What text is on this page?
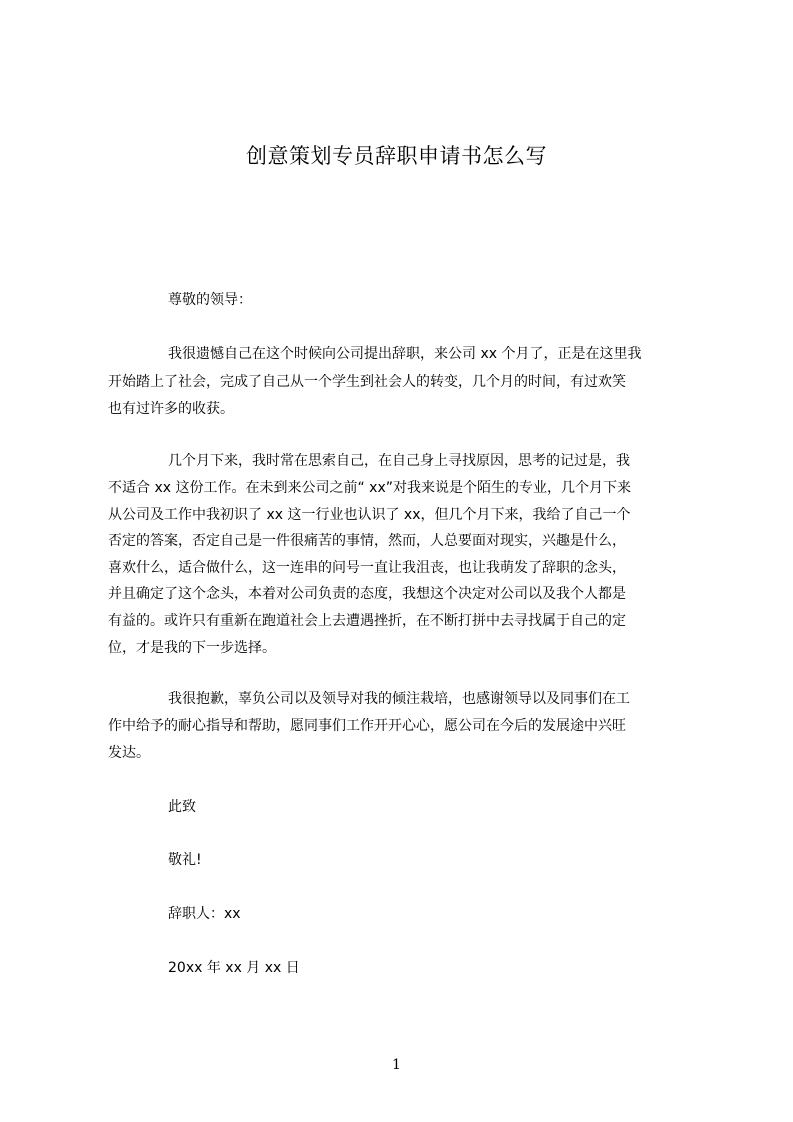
创意策划专员辞职申请书怎么写
尊敬的领导：
我很遗憾自己在这个时候向公司提出辞职，来公司 xx 个月了，正是在这里我
开始踏上了社会，完成了自己从一个学生到社会人的转变，几个月的时间，有过欢笑
也有过许多的收获。
几个月下来，我时常在思索自己，在自己身上寻找原因，思考的记过是，我
不适合 xx 这份工作。在未到来公司之前“ xx”对我来说是个陌生的专业，几个月下来
从公司及工作中我初识了 xx 这一行业也认识了 xx，但几个月下来，我给了自己一个
否定的答案，否定自己是一件很痛苦的事情，然而，人总要面对现实，兴趣是什么，
喜欢什么，适合做什么，这一连串的问号一直让我沮丧，也让我萌发了辞职的念头，
并且确定了这个念头，本着对公司负责的态度，我想这个决定对公司以及我个人都是
有益的。或许只有重新在跑道社会上去遭遇挫折，在不断打拼中去寻找属于自己的定
位，才是我的下一步选择。
我很抱歉，辜负公司以及领导对我的倾注栽培，也感谢领导以及同事们在工
作中给予的耐心指导和帮助，愿同事们工作开开心心，愿公司在今后的发展途中兴旺
发达。
此致
敬礼!
辞职人：xx
20xx 年 xx 月 xx 日
1
